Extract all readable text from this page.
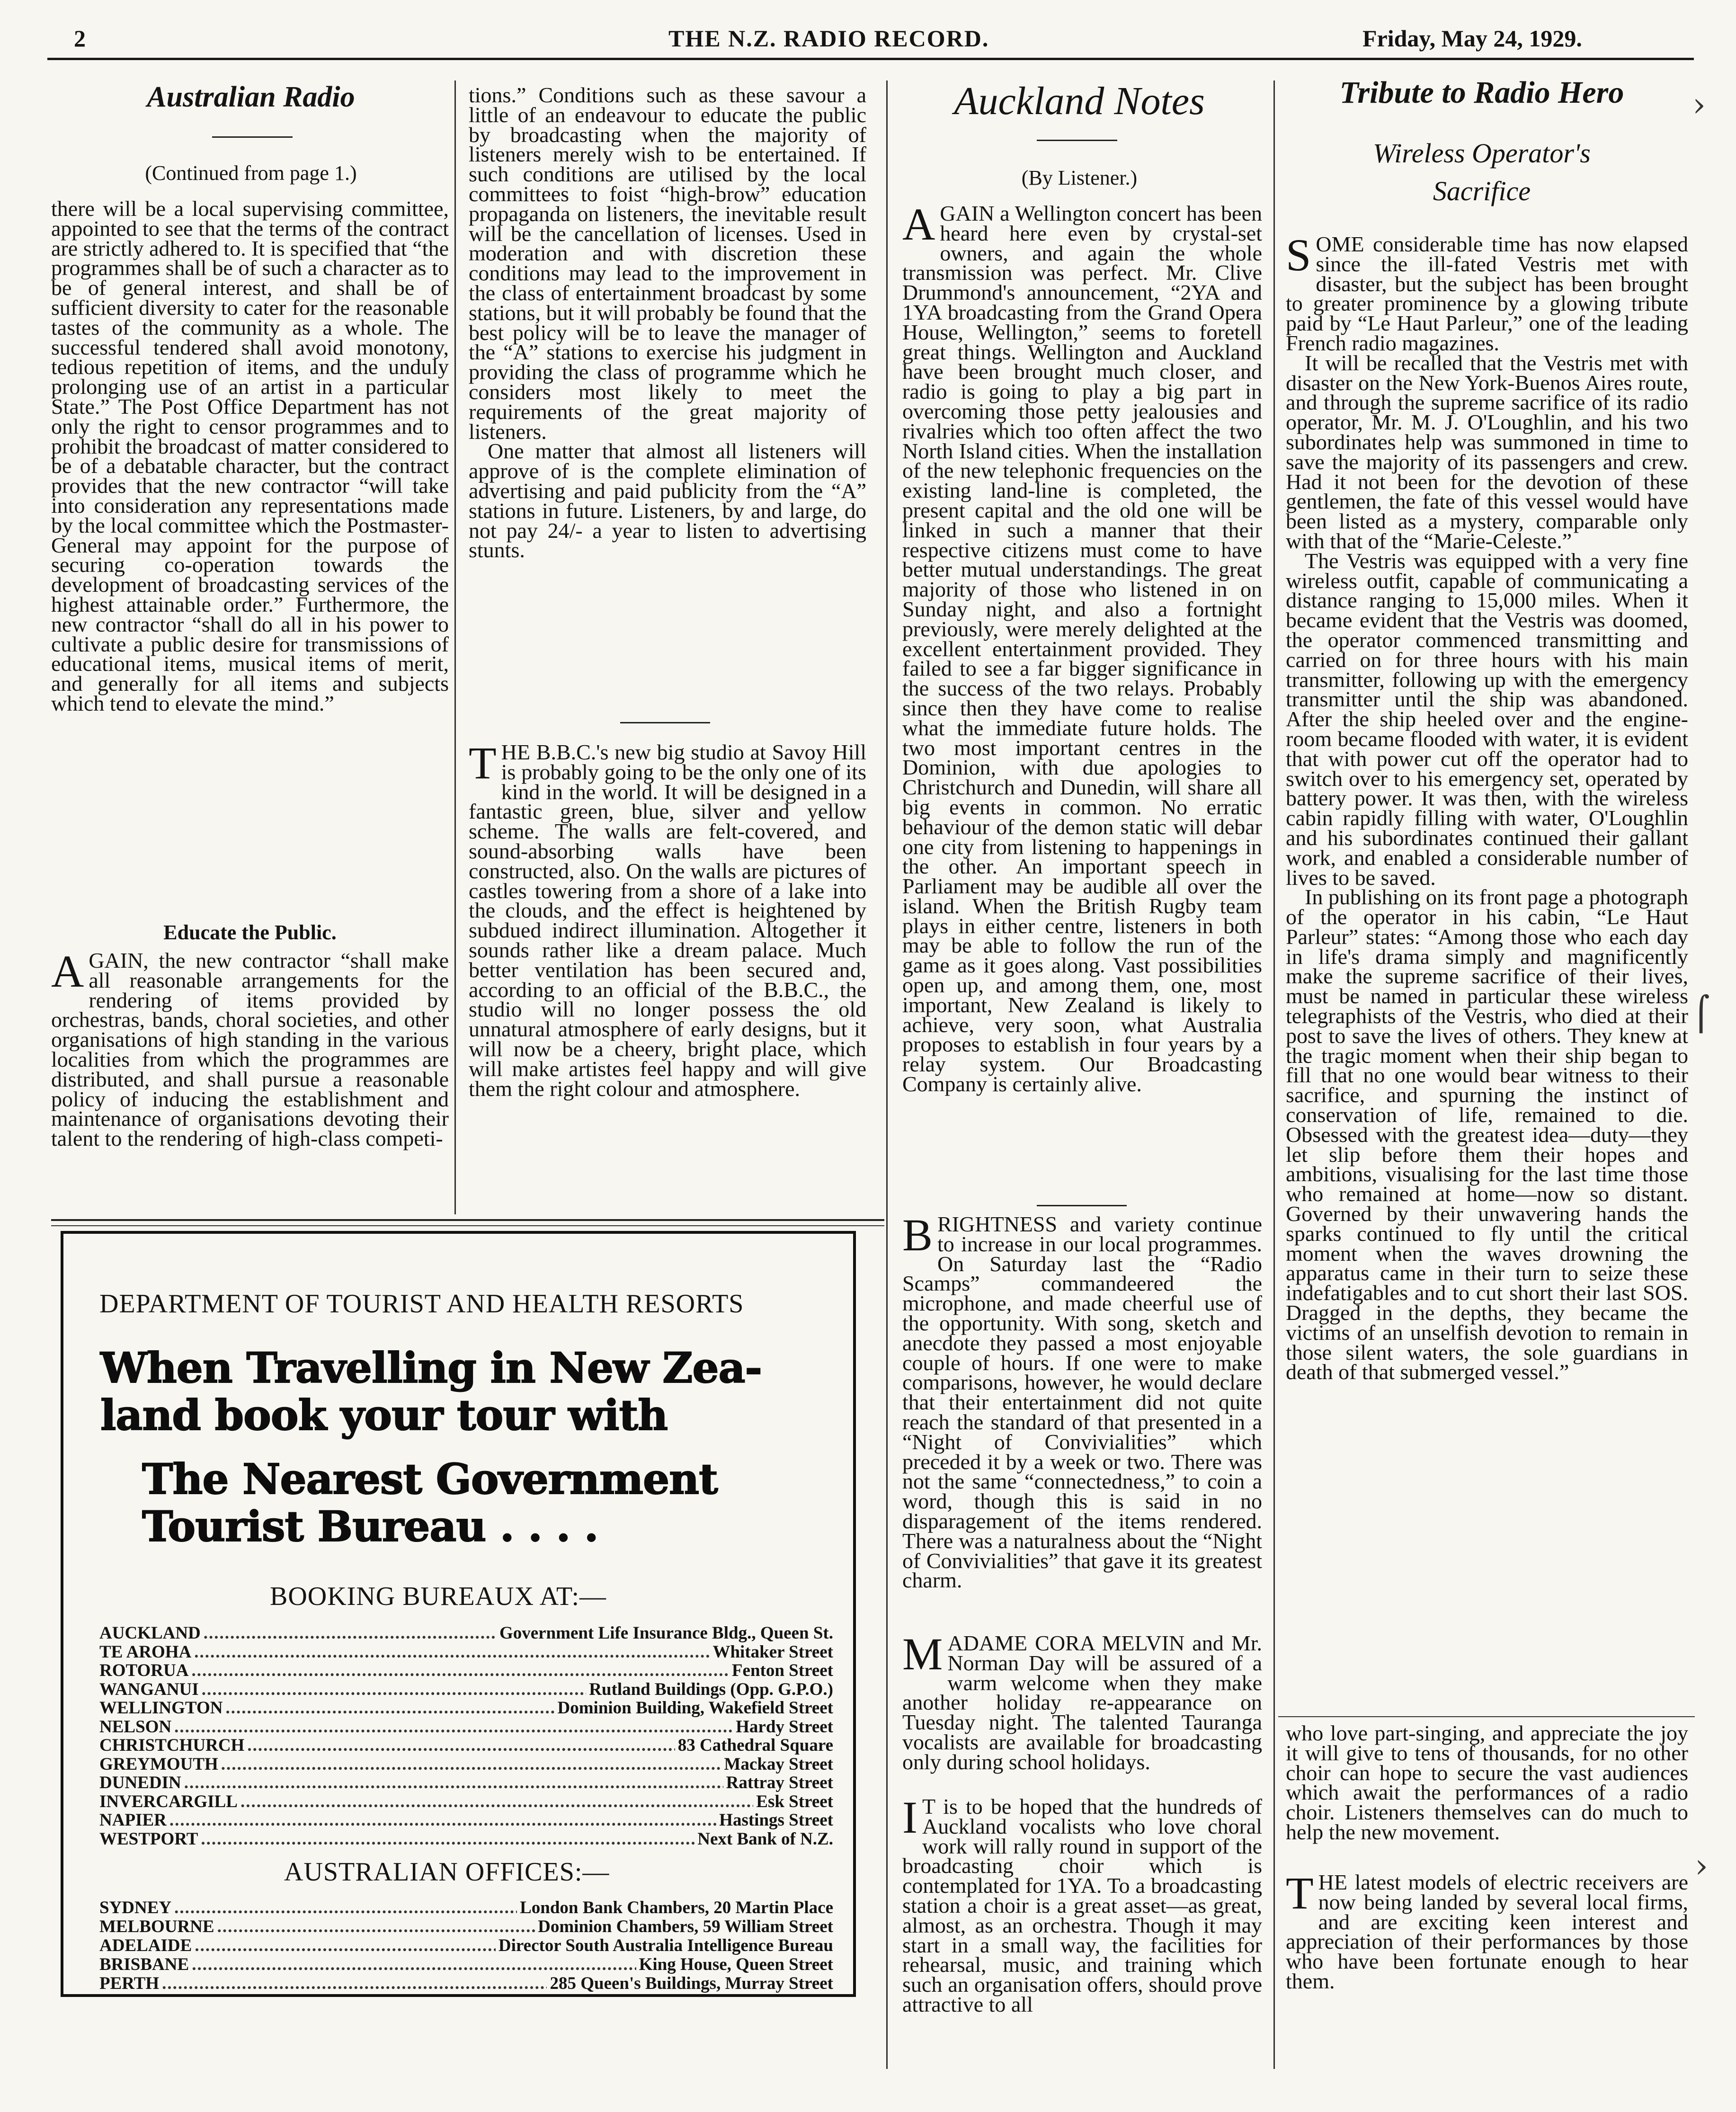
2	THE N.Z. RADIO RECORD.	Friday, May 24, 1929.
Australian Radio
(Continued from page 1.)

there will be a local supervising committee, appointed to see that the terms of the contract are strictly adhered to. It is specified that “the programmes shall be of such a character as to be of general interest, and shall be of sufficient diversity to cater for the reasonable tastes of the community as a whole. The successful tendered shall avoid monotony, tedious repetition of items, and the unduly prolonging use of an artist in a particular State.” The Post Office Department has not only the right to censor programmes and to prohibit the broadcast of matter considered to be of a debatable character, but the contract provides that the new contractor “will take into consideration any representations made by the local committee which the Postmaster-General may appoint for the purpose of securing co-operation towards the development of broadcasting services of the highest attainable order.” Furthermore, the new contractor “shall do all in his power to cultivate a public desire for transmissions of educational items, musical items of merit, and generally for all items and subjects which tend to elevate the mind.”

Educate the Public.

AGAIN, the new contractor “shall make all reasonable arrangements for the rendering of items provided by orchestras, bands, choral societies, and other organisations of high standing in the various localities from which the programmes are distributed, and shall pursue a reasonable policy of inducing the establishment and maintenance of organisations devoting their talent to the rendering of high-class competi-

tions.” Conditions such as these savour a little of an endeavour to educate the public by broadcasting when the majority of listeners merely wish to be entertained. If such conditions are utilised by the local committees to foist “high-brow” education propaganda on listeners, the inevitable result will be the cancellation of licenses. Used in moderation and with discretion these conditions may lead to the improvement in the class of entertainment broadcast by some stations, but it will probably be found that the best policy will be to leave the manager of the “A” stations to exercise his judgment in providing the class of programme which he considers most likely to meet the requirements of the great majority of listeners.

One matter that almost all listeners will approve of is the complete elimination of advertising and paid publicity from the “A” stations in future. Listeners, by and large, do not pay 24/- a year to listen to advertising stunts.

THE B.B.C.'s new big studio at Savoy Hill is probably going to be the only one of its kind in the world. It will be designed in a fantastic green, blue, silver and yellow scheme. The walls are felt-covered, and sound-absorbing walls have been constructed, also. On the walls are pictures of castles towering from a shore of a lake into the clouds, and the effect is heightened by subdued indirect illumination. Altogether it sounds rather like a dream palace. Much better ventilation has been secured and, according to an official of the B.B.C., the studio will no longer possess the old unnatural atmosphere of early designs, but it will now be a cheery, bright place, which will make artistes feel happy and will give them the right colour and atmosphere.

Auckland Notes
(By Listener.)

AGAIN a Wellington concert has been heard here even by crystal-set owners, and again the whole transmission was perfect. Mr. Clive Drummond's announcement, “2YA and 1YA broadcasting from the Grand Opera House, Wellington,” seems to foretell great things. Wellington and Auckland have been brought much closer, and radio is going to play a big part in overcoming those petty jealousies and rivalries which too often affect the two North Island cities. When the installation of the new telephonic frequencies on the existing land-line is completed, the present capital and the old one will be linked in such a manner that their respective citizens must come to have better mutual understandings. The great majority of those who listened in on Sunday night, and also a fortnight previously, were merely delighted at the excellent entertainment provided. They failed to see a far bigger significance in the success of the two relays. Probably since then they have come to realise what the immediate future holds. The two most important centres in the Dominion, with due apologies to Christchurch and Dunedin, will share all big events in common. No erratic behaviour of the demon static will debar one city from listening to happenings in the other. An important speech in Parliament may be audible all over the island. When the British Rugby team plays in either centre, listeners in both may be able to follow the run of the game as it goes along. Vast possibilities open up, and among them, one, most important, New Zealand is likely to achieve, very soon, what Australia proposes to establish in four years by a relay system. Our Broadcasting Company is certainly alive.

BRIGHTNESS and variety continue to increase in our local programmes. On Saturday last the “Radio Scamps” commandeered the microphone, and made cheerful use of the opportunity. With song, sketch and anecdote they passed a most enjoyable couple of hours. If one were to make comparisons, however, he would declare that their entertainment did not quite reach the standard of that presented in a “Night of Convivialities” which preceded it by a week or two. There was not the same “connectedness,” to coin a word, though this is said in no disparagement of the items rendered. There was a naturalness about the “Night of Convivialities” that gave it its greatest charm.

MADAME CORA MELVIN and Mr. Norman Day will be assured of a warm welcome when they make another holiday re-appearance on Tuesday night. The talented Tauranga vocalists are available for broadcasting only during school holidays.

I T is to be hoped that the hundreds of Auckland vocalists who love choral work will rally round in support of the broadcasting choir which is contemplated for 1YA. To a broadcasting station a choir is a great asset—as great, almost, as an orchestra. Though it may start in a small way, the facilities for rehearsal, music, and training which such an organisation offers, should prove attractive to all

Tribute to Radio Hero
Wireless Operator's
Sacrifice

SOME considerable time has now elapsed since the ill-fated Vestris met with disaster, but the subject has been brought to greater prominence by a glowing tribute paid by “Le Haut Parleur,” one of the leading French radio magazines.

It will be recalled that the Vestris met with disaster on the New York-Buenos Aires route, and through the supreme sacrifice of its radio operator, Mr. M. J. O'Loughlin, and his two subordinates help was summoned in time to save the majority of its passengers and crew. Had it not been for the devotion of these gentlemen, the fate of this vessel would have been listed as a mystery, comparable only with that of the “Marie-Celeste.”

The Vestris was equipped with a very fine wireless outfit, capable of communicating a distance ranging to 15,000 miles. When it became evident that the Vestris was doomed, the operator commenced transmitting and carried on for three hours with his main transmitter, following up with the emergency transmitter until the ship was abandoned. After the ship heeled over and the engine-room became flooded with water, it is evident that with power cut off the operator had to switch over to his emergency set, operated by battery power. It was then, with the wireless cabin rapidly filling with water, O'Loughlin and his subordinates continued their gallant work, and enabled a considerable number of lives to be saved.

In publishing on its front page a photograph of the operator in his cabin, “Le Haut Parleur” states: “Among those who each day in life's drama simply and magnificently make the supreme sacrifice of their lives, must be named in particular these wireless telegraphists of the Vestris, who died at their post to save the lives of others. They knew at the tragic moment when their ship began to fill that no one would bear witness to their sacrifice, and spurning the instinct of conservation of life, remained to die. Obsessed with the greatest idea—duty—they let slip before them their hopes and ambitions, visualising for the last time those who remained at home—now so distant. Governed by their unwavering hands the sparks continued to fly until the critical moment when the waves drowning the apparatus came in their turn to seize these indefatigables and to cut short their last SOS. Dragged in the depths, they became the victims of an unselfish devotion to remain in those silent waters, the sole guardians in death of that submerged vessel.”

who love part-singing, and appreciate the joy it will give to tens of thousands, for no other choir can hope to secure the vast audiences which await the performances of a radio choir. Listeners themselves can do much to help the new movement.

THE latest models of electric receivers are now being landed by several local firms, and are exciting keen interest and appreciation of their performances by those who have been fortunate enough to hear them.

DEPARTMENT OF TOURIST AND HEALTH RESORTS
When Travelling in New Zea-
land book your tour with
The Nearest Government
Tourist Bureau . . . .
BOOKING BUREAUX AT:—
AUCKLAND .....	Government Life Insurance Bldg., Queen St.
TE AROHA .....	Whitaker Street
ROTORUA .....	Fenton Street
WANGANUI .....	Rutland Buildings (Opp. G.P.O.)
WELLINGTON .....	Dominion Building, Wakefield Street
NELSON .....	Hardy Street
CHRISTCHURCH .....	83 Cathedral Square
GREYMOUTH .....	Mackay Street
DUNEDIN .....	Rattray Street
INVERCARGILL .....	Esk Street
NAPIER .....	Hastings Street
WESTPORT .....	Next Bank of N.Z.
AUSTRALIAN OFFICES:—
SYDNEY .....	London Bank Chambers, 20 Martin Place
MELBOURNE .....	Dominion Chambers, 59 William Street
ADELAIDE .....	Director South Australia Intelligence Bureau
BRISBANE .....	King House, Queen Street
PERTH .....	285 Queen's Buildings, Murray Street
›
⌠
›
